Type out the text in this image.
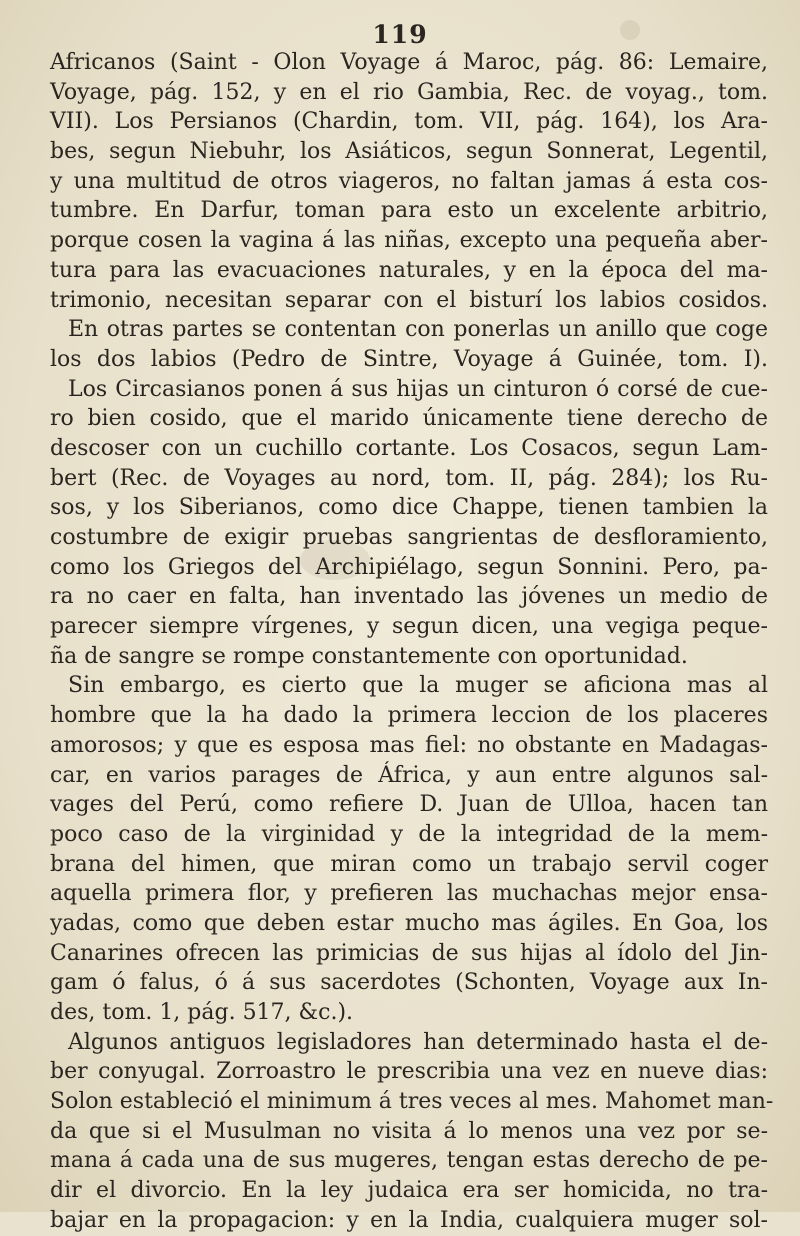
119
Africanos (Saint - Olon Voyage á Maroc, pág. 86: Lemaire,
Voyage, pág. 152, y en el rio Gambia, Rec. de voyag., tom.
VII). Los Persianos (Chardin, tom. VII, pág. 164), los Ara-
bes, segun Niebuhr, los Asiáticos, segun Sonnerat, Legentil,
y una multitud de otros viageros, no faltan jamas á esta cos-
tumbre. En Darfur, toman para esto un excelente arbitrio,
porque cosen la vagina á las niñas, excepto una pequeña aber-
tura para las evacuaciones naturales, y en la época del ma-
trimonio, necesitan separar con el bisturí los labios cosidos.
En otras partes se contentan con ponerlas un anillo que coge
los dos labios (Pedro de Sintre, Voyage á Guinée, tom. I).
Los Circasianos ponen á sus hijas un cinturon ó corsé de cue-
ro bien cosido, que el marido únicamente tiene derecho de
descoser con un cuchillo cortante. Los Cosacos, segun Lam-
bert (Rec. de Voyages au nord, tom. II, pág. 284); los Ru-
sos, y los Siberianos, como dice Chappe, tienen tambien la
costumbre de exigir pruebas sangrientas de desfloramiento,
como los Griegos del Archipiélago, segun Sonnini. Pero, pa-
ra no caer en falta, han inventado las jóvenes un medio de
parecer siempre vírgenes, y segun dicen, una vegiga peque-
ña de sangre se rompe constantemente con oportunidad.
Sin embargo, es cierto que la muger se aficiona mas al
hombre que la ha dado la primera leccion de los placeres
amorosos; y que es esposa mas fiel: no obstante en Madagas-
car, en varios parages de África, y aun entre algunos sal-
vages del Perú, como refiere D. Juan de Ulloa, hacen tan
poco caso de la virginidad y de la integridad de la mem-
brana del himen, que miran como un trabajo servil coger
aquella primera flor, y prefieren las muchachas mejor ensa-
yadas, como que deben estar mucho mas ágiles. En Goa, los
Canarines ofrecen las primicias de sus hijas al ídolo del Jin-
gam ó falus, ó á sus sacerdotes (Schonten, Voyage aux In-
des, tom. 1, pág. 517, &c.).
Algunos antiguos legisladores han determinado hasta el de-
ber conyugal. Zorroastro le prescribia una vez en nueve dias:
Solon estableció el minimum á tres veces al mes. Mahomet man-
da que si el Musulman no visita á lo menos una vez por se-
mana á cada una de sus mugeres, tengan estas derecho de pe-
dir el divorcio. En la ley judaica era ser homicida, no tra-
bajar en la propagacion: y en la India, cualquiera muger sol-
